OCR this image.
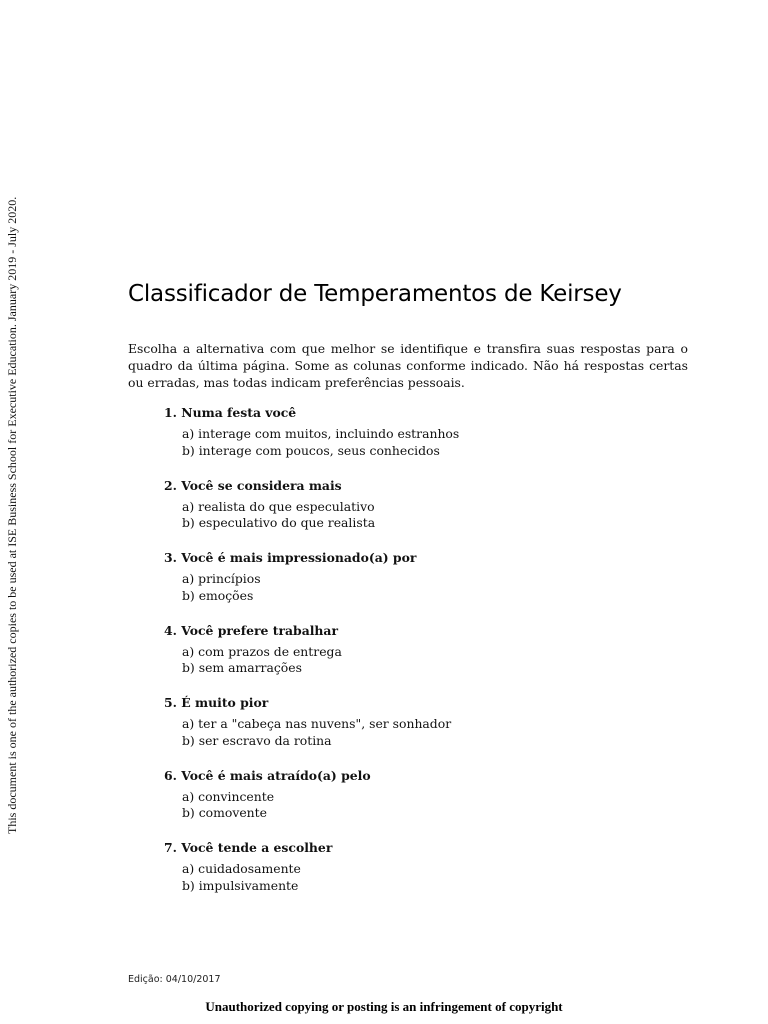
This document is one of the authorized copies to be used at ISE Business School for Executive Education. January 2019 - July 2020.	Classificador de Temperamentos de Keirsey

Escolha a alternativa com que melhor se identifique e transfira suas respostas para o quadro da última página. Some as colunas conforme indicado. Não há respostas certas ou erradas, mas todas indicam preferências pessoais.

1. Numa festa você
a) interage com muitos, incluindo estranhos
b) interage com poucos, seus conhecidos
2. Você se considera mais
a) realista do que especulativo
b) especulativo do que realista
3. Você é mais impressionado(a) por
a) princípios
b) emoções
4. Você prefere trabalhar
a) com prazos de entrega
b) sem amarrações
5. É muito pior
a) ter a "cabeça nas nuvens", ser sonhador
b) ser escravo da rotina
6. Você é mais atraído(a) pelo
a) convincente
b) comovente
7. Você tende a escolher
a) cuidadosamente
b) impulsivamente
Edição: 04/10/2017
Unauthorized copying or posting is an infringement of copyright
